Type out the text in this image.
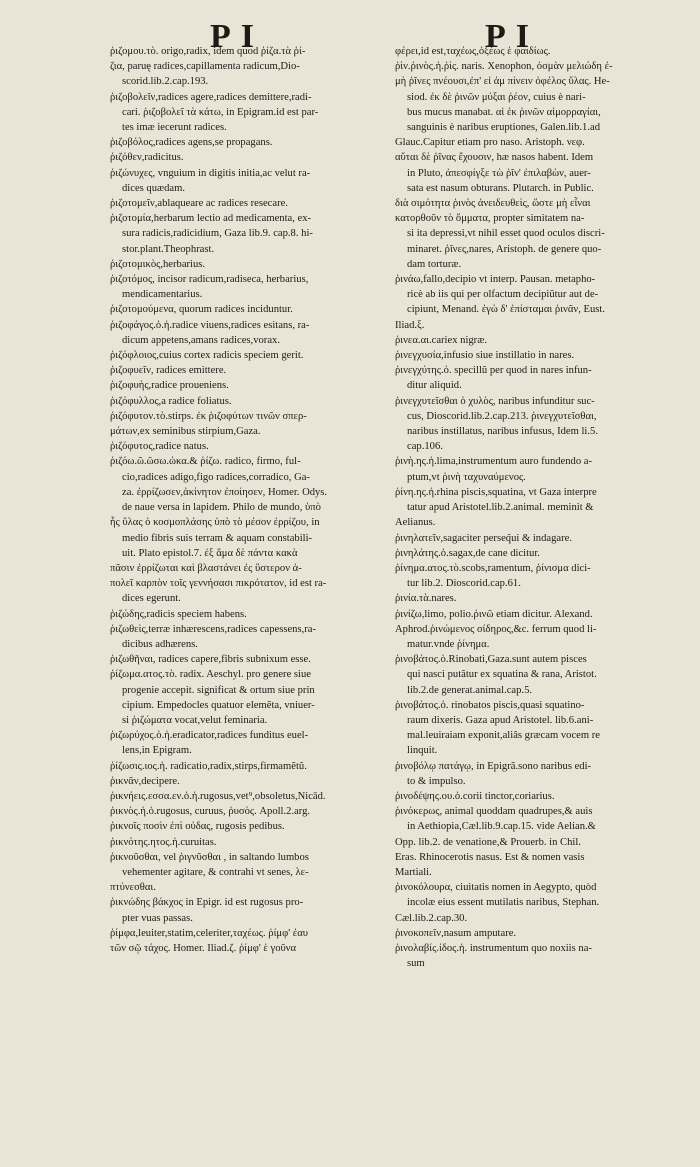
PI	PI
ῥιζομου.τὸ. origo,radix, idem quod ῥίζα.τὰ ῥί-
ζια, paruę radices,capillamenta radicum,Dio-
scorid.lib.2.cap.193.
ῥιζοβολεῖν,radices agere,radices demittere,radi-
cari. ῥιζοβολεῖ τὰ κάτω, in Epigram.id est par-
tes imæ iecerunt radices.
ῥιζοβόλος,radices agens,se propagans.
ῥιζόθεν,radicitus.
ῥιζώνυχες, vnguium in digitis initia,ac velut ra-
dices quædam.
ῥιζοτομεῖν,ablaqueare ac radices resecare.
ῥιζοτομία,herbarum lectio ad medicamenta, ex-
sura radicis,radicidium, Gaza lib.9. cap.8. hi-
stor.plant.Theophrast.
ῥιζοτομικὸς,herbarius.
ῥιζοτόμος, incisor radicum,radiseca, herbarius,
mendicamentarius.
ῥιζοτομούμενα, quorum radices inciduntur.
ῥιζοφάγος.ὁ.ἡ.radice viuens,radices esitans, ra-
dicum appetens,amans radices,vorax.
ῥιζόφλοιος,cuius cortex radicis speciem gerit.
ῥιζοφυεῖν, radices emittere.
ῥιζοφυὴς,radice proueniens.
ῥιζόφυλλος,a radice foliatus.
ῥιζόφυτον.τὸ.stirps. ἐκ ῥιζοφύτων τινῶν σπερ-
μάτων,ex seminibus stirpium,Gaza.
ῥιζόφυτος,radice natus.
ῥιζόω.ῶ.ῶσω.ὡκα.& ῥίζω. radico, firmo, ful-
cio,radices adigo,figo radices,corradico, Ga-
za. ἐρρίζωσεν,ἀκίνητον ἐποίησεν, Homer. Odys.
de naue versa in lapidem. Philo de mundo, ὑπὸ
ἦς ὕλας ὁ κοσμοπλάσης ὑπὸ τὸ μέσον ἐρρίζου, in
medio fibris suis terram & aquam constabili-
uit. Plato epistol.7. ἐξ ἅμα δὲ πάντα κακὰ
πᾶσιν ἐρρίζωται καὶ βλαστάνει ἐς ὕστερον ἀ-
πολεῖ καρπὸν τοῖς γεννήσασι πικρότατον, id est ra-
dices egerunt.
ῥιζώδης,radicis speciem habens.
ῥιζωθεὶς,terræ inhærescens,radices capessens,ra-
dicibus adhærens.
ῥιζωθῆναι, radices capere,fibris subnixum esse.
ῥίζωμα.ατος.τὸ. radix. Aeschyl. pro genere siue
progenie accepit. significat & ortum siue prin
cipium. Empedocles quatuor elemẽta, vniuer-
si ῥιζώματα vocat,velut feminaria.
ῥιζωρύχος.ὁ.ἡ.eradicator,radices funditus euel-
lens,in Epigram.
ῥίζωσις.ιος.ἡ. radicatio,radix,stirps,firmamẽtũ.
ῥικνᾶν,decipere.
ῥικνήεις.εσσα.εν.ὁ.ἡ.rugosus,vet⁹,obsoletus,Nicād.
ῥικνὸς.ἡ.ὁ.rugosus, curuus, ῥυσὸς. Apoll.2.arg.
ῥικνοῖς ποσὶν ἐπὶ οὐδας, rugosis pedibus.
ῥικνότης.ητος.ἡ.curuitas.
ῥικνοῦσθαι, vel ῥιγνῦσθαι , in saltando lumbos
vehementer agitare, & contrahi vt senes, λε-
πτύνεσθαι.
ῥικνώδης βάκχος in Epigr. id est rugosus pro-
pter vuas passas.
ῥίμφα,leuiter,statim,celeriter,ταχέως. ῥίμφ' ἐαυ
τῶν σῷ τάχος. Homer. Iliad.ζ. ῥίμφ' ἑ γοῦνα
φέρει,id est,ταχέως,ὀξέως ἑ φαιδίως.
ῥὶν.ῥινὸς.ἡ.ῥὶς. naris. Xenophon, ὀσμὰν μελιώδη ἐ-
μὴ ῥῖνες πνέουσι,ἐπ' εἰ ἀμ πίνειν ὀφέλος ὕλας. He-
siod. ἐκ δὲ ῥινῶν μύξαι ῥέον, cuius è nari-
bus mucus manabat. αἱ ἐκ ῥινῶν αἱμορραγίαι,
sanguinis è naribus eruptiones, Galen.lib.1.ad
Glauc.Capitur etiam pro naso. Aristoph. νεφ.
αὕται δὲ ῥῖνας ἔχουσιν, hæ nasos habent. Idem
in Pluto, ἀπεσφίγξε τὼ ῥῖν' ἐπιλαβὼν, auer-
sata est nasum obturans. Plutarch. in Public.
διὰ σιμότητα ῥινὸς ἀνειδευθεὶς, ὥστε μὴ εἶναι
κατορθοῦν τὸ ὄμματα, propter simitatem na-
si ita depressi,vt nihil esset quod oculos discri-
minaret. ῥῖνες,nares, Aristoph. de genere quo-
dam torturæ.
ῥινάω,fallo,decipio vt interp. Pausan. metapho-
ricè ab iis qui per olfactum decipiũtur aut de-
cipiunt, Menand. ἐγὼ δ' ἐπίσταμαι ῥινᾶν, Eust.
Iliad.ξ.
ῥινεα.αι.cariex nigræ.
ῥινεγχυσία,infusio siue instillatio in nares.
ῥινεγχύτης.ὁ. specillũ per quod in nares infun-
ditur aliquid.
ῥινεγχυτεῖσθαι ὁ χυλὸς, naribus infunditur suc-
cus, Dioscorid.lib.2.cap.213. ῥινεγχυτεῖσθαι,
naribus instillatus, naribus infusus, Idem li.5.
cap.106.
ῥινὴ.ης.ἡ.lima,instrumentum auro fundendo a-
ptum,vt ῥινὴ ταχυναύμενος.
ῥίνη.ης.ἡ.rhina piscis,squatina, vt Gaza interpre
tatur apud Aristotel.lib.2.animal. meminit &
Aelianus.
ῥινηλατεῖν,sagaciter perseq̃ui & indagare.
ῥινηλάτης.ὁ.sagax,de cane dicitur.
ῥίνημα.ατος.τὸ.scobs,ramentum, ῥίνισμα dici-
tur lib.2. Dioscorid.cap.61.
ῥινία.τὰ.nares.
ῥινίζω,limo, polio.ῥινῶ etiam dicitur. Alexand.
Aphrod.ῥινώμενος σίδηρος,&c. ferrum quod li-
matur.vnde ῥίνημα.
ῥινοβάτος.ὁ.Rinobati,Gaza.sunt autem pisces
qui nasci putãtur ex squatina & rana, Aristot.
lib.2.de generat.animal.cap.5.
ῥινοβάτος.ὁ. rinobatos piscis,quasi squatino-
raum dixeris. Gaza apud Aristotel. lib.6.ani-
mal.leuiraiam exponit,aliâs græcam vocem re
linquit.
ῥινοβόλῳ πατάγῳ, in Epigrã.sono naribus edi-
to & impulso.
ῥινοδέψης.ου.ὁ.corii tinctor,coriarius.
ῥινόκερως, animal quoddam quadrupes,& auis
in Aethiopia,Cæl.lib.9.cap.15. vide Aelian.&
Opp. lib.2. de venatione,& Prouerb. in Chil.
Eras. Rhinocerotis nasus. Est & nomen vasis
Martiali.
ῥινοκόλουρα, ciuitatis nomen in Aegypto, quòd
incolæ eius essent mutilatis naribus, Stephan.
Cæl.lib.2.cap.30.
ῥινοκοπεῖν,nasum amputare.
ῥινολαβίς.ίδος.ἡ. instrumentum quo noxiis na-
sum
